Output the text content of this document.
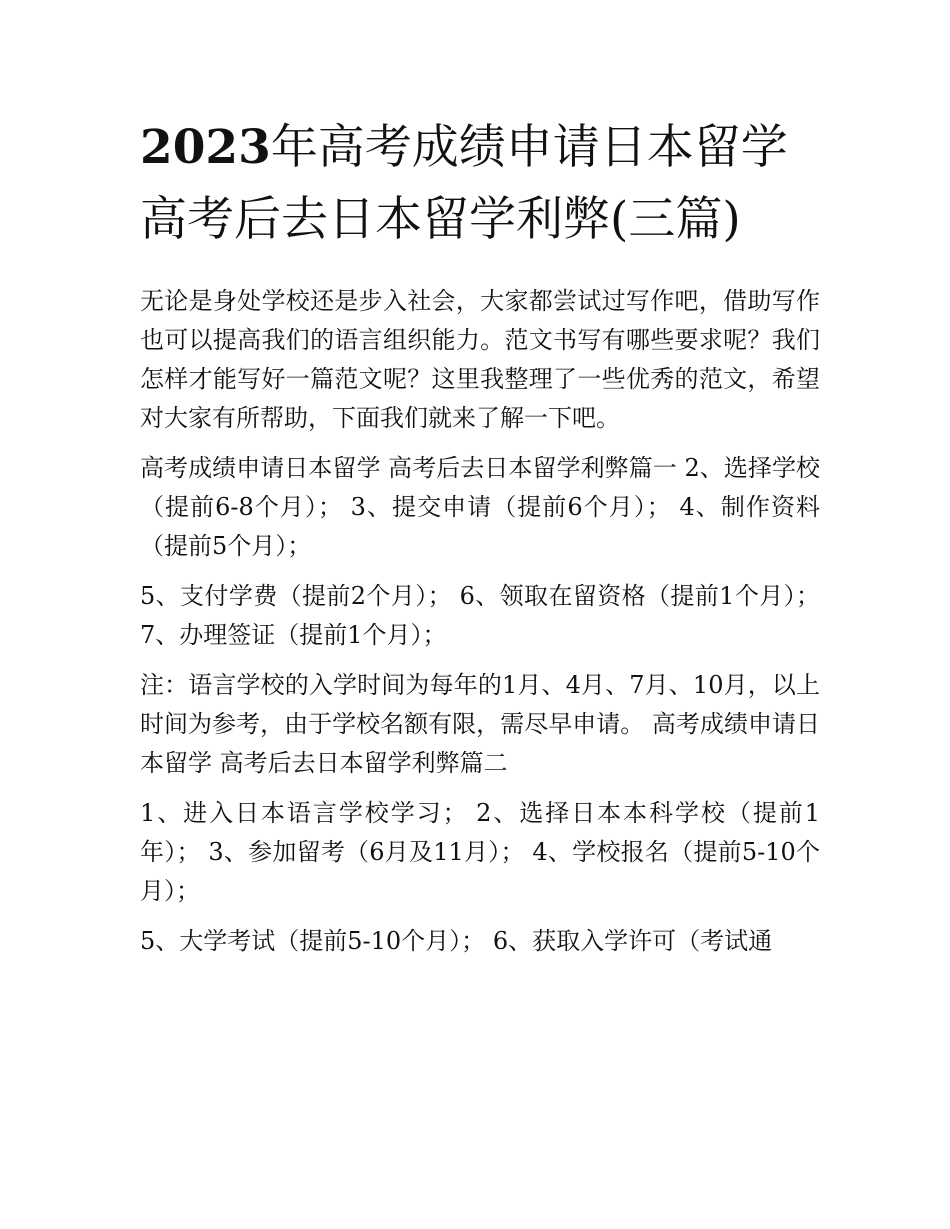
2023年高考成绩申请日本留学高考后去日本留学利弊(三篇)

无论是身处学校还是步入社会，大家都尝试过写作吧，借助写作也可以提高我们的语言组织能力。范文书写有哪些要求呢？我们怎样才能写好一篇范文呢？这里我整理了一些优秀的范文，希望对大家有所帮助，下面我们就来了解一下吧。

高考成绩申请日本留学 高考后去日本留学利弊篇一 2、选择学校（提前6-8个月）； 3、提交申请（提前6个月）； 4、制作资料（提前5个月）；

5、支付学费（提前2个月）； 6、领取在留资格（提前1个月）； 7、办理签证（提前1个月）；

注：语言学校的入学时间为每年的1月、4月、7月、10月，以上时间为参考，由于学校名额有限，需尽早申请。 高考成绩申请日本留学 高考后去日本留学利弊篇二

1、进入日本语言学校学习； 2、选择日本本科学校（提前1年）； 3、参加留考（6月及11月）； 4、学校报名（提前5-10个月）；

5、大学考试（提前5-10个月）； 6、获取入学许可（考试通
